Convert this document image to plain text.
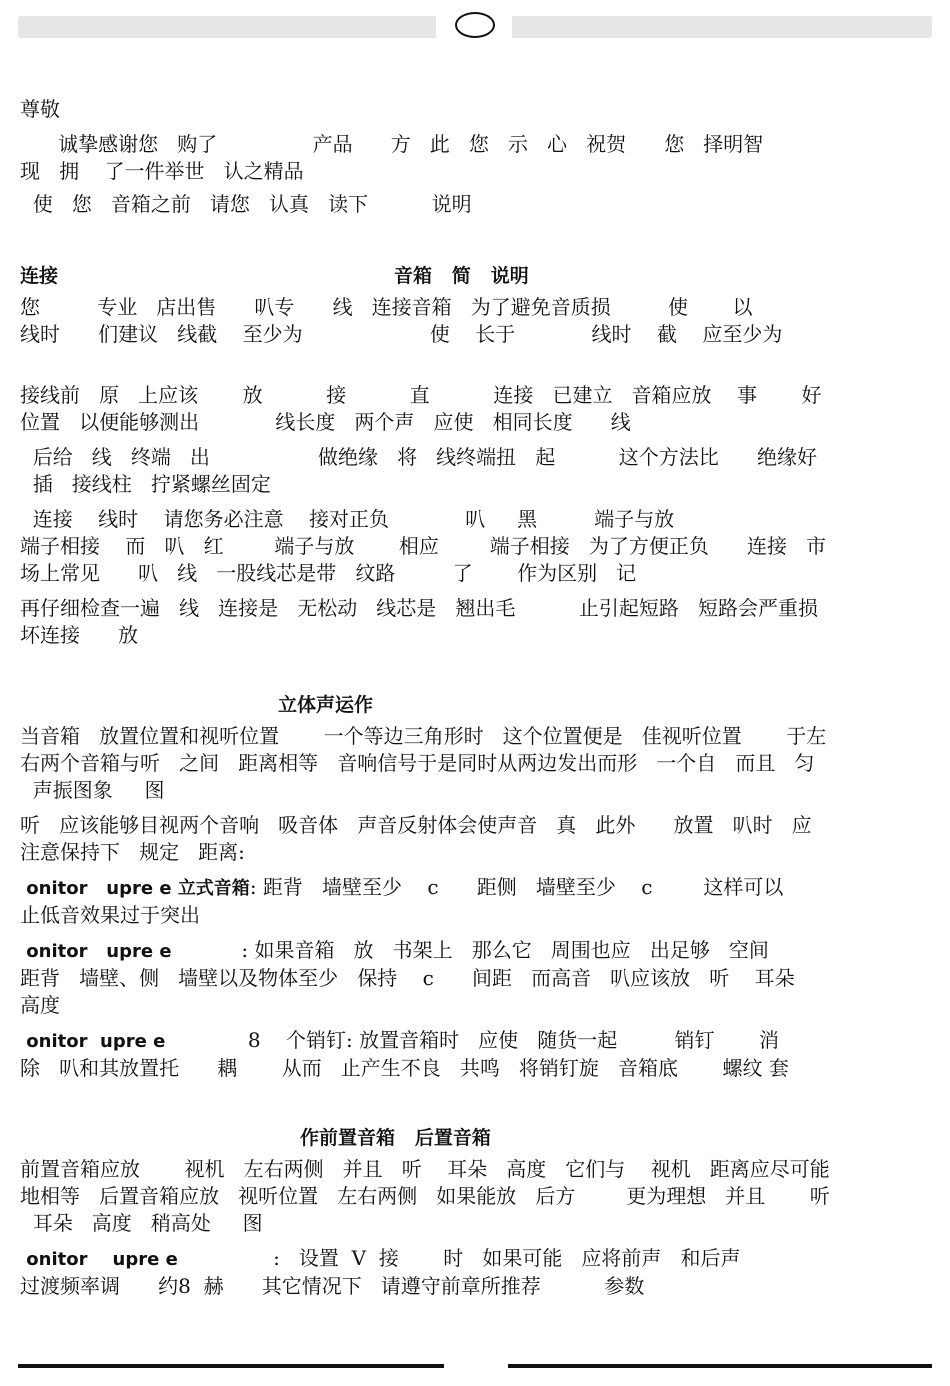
尊敬

诚挚感谢您   购了               产品      方   此   您   示   心   祝贺      您   择明智
现   拥    了一件举世   认之精品

使   您   音箱之前   请您   认真   读下          说明

连接	音箱   简   说明

您         专业   店出售      叭专      线   连接音箱   为了避免音质损         使       以
线时      们建议   线截    至少为                    使    长于            线时    截    应至少为

接线前   原   上应该       放          接          直          连接   已建立   音箱应放    事       好
位置   以便能够测出            线长度   两个声   应使   相同长度      线

后给   线   终端   出                 做绝缘   将   线终端扭   起          这个方法比      绝缘好
插   接线柱   拧紧螺丝固定

连接    线时    请您务必注意    接对正负            叭     黑         端子与放
端子相接    而   叭   红        端子与放       相应        端子相接   为了方便正负      连接   市
场上常见      叭   线   一股线芯是带   纹路         了       作为区别   记

再仔细检查一遍   线   连接是   无松动   线芯是   翘出毛          止引起短路   短路会严重损
坏连接      放

立体声运作

当音箱   放置位置和视听位置       一个等边三角形时   这个位置便是   佳视听位置       于左
右两个音箱与听   之间   距离相等   音响信号于是同时从两边发出而形   一个自   而且   匀
声振图象     图

听   应该能够目视两个音响   吸音体   声音反射体会使声音   真   此外      放置   叭时   应
注意保持下   规定   距离:

onitor   upre e 立式音箱: 距背   墙壁至少    c      距侧   墙壁至少    c        这样可以
止低音效果过于突出

onitor   upre e	: 如果音箱   放   书架上   那么它   周围也应   出足够   空间
距背   墙壁、侧   墙壁以及物体至少   保持    c      间距   而高音   叭应该放   听    耳朵
高度

onitor  upre e	8    个销钉: 放置音箱时   应使   随货一起         销钉       消
除   叭和其放置托      耦       从而   止产生不良   共鸣   将销钉旋   音箱底       螺纹 套

作前置音箱   后置音箱

前置音箱应放       视机   左右两侧   并且   听    耳朵   高度   它们与    视机   距离应尽可能
地相等   后置音箱应放   视听位置   左右两侧   如果能放   后方        更为理想   并且       听
耳朵   高度   稍高处     图

onitor    upre e	:   设置  V  接       时   如果可能   应将前声   和后声
过渡频率调      约8  赫      其它情况下   请遵守前章所推荐          参数
